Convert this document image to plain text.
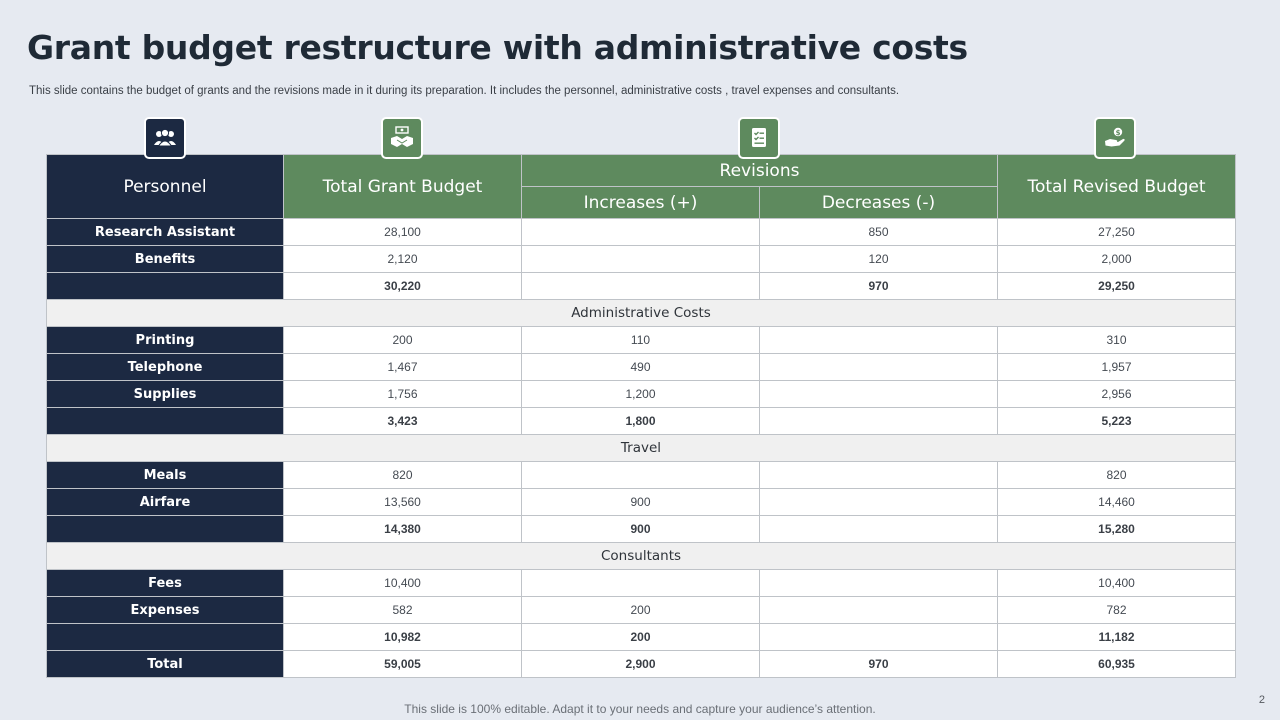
Grant budget restructure with administrative costs
This slide contains the budget of grants and the revisions made in it during its preparation. It includes the personnel, administrative costs , travel expenses and consultants.
$
Personnel	Total Grant Budget	Revisions		Total Revised Budget
		Increases (+)	Decreases (-)	
Research Assistant	28,100		850	27,250
Benefits	2,120		120	2,000
	30,220		970	29,250
Administrative Costs				
Printing	200	110		310
Telephone	1,467	490		1,957
Supplies	1,756	1,200		2,956
	3,423	1,800		5,223
Travel				
Meals	820			820
Airfare	13,560	900		14,460
	14,380	900		15,280
Consultants				
Fees	10,400			10,400
Expenses	582	200		782
	10,982	200		11,182
Total	59,005	2,900	970	60,935
2
This slide is 100% editable. Adapt it to your needs and capture your audience’s attention.
